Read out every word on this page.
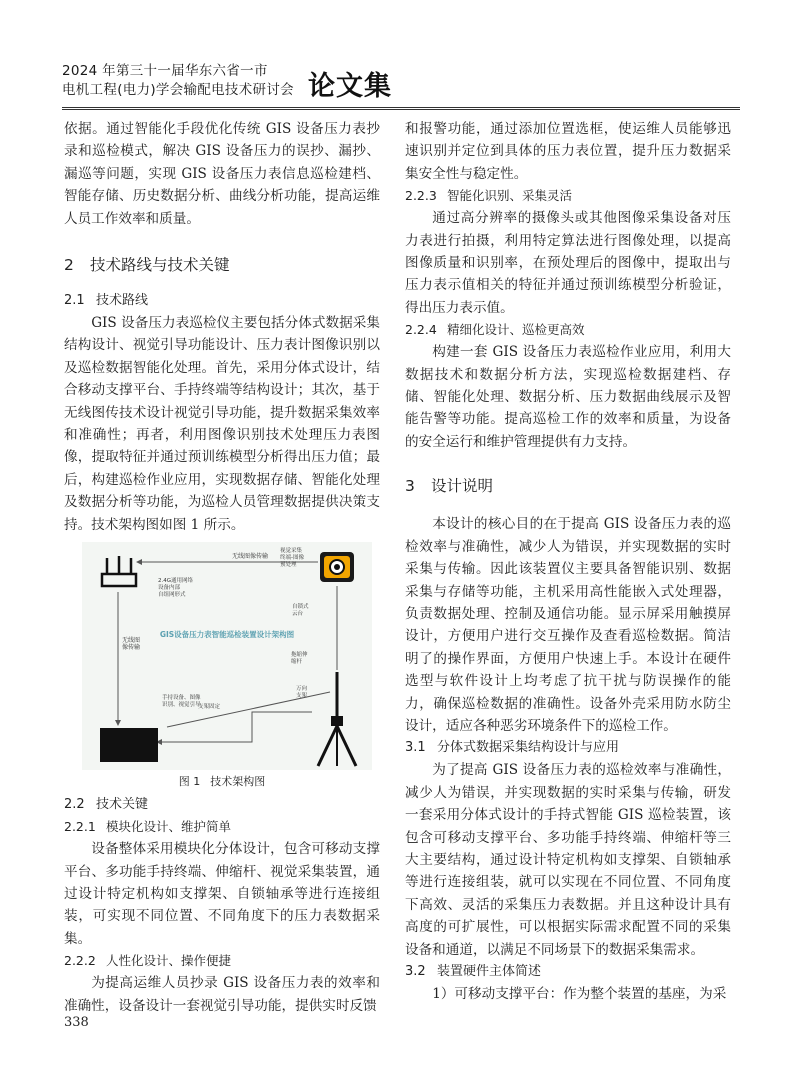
2024 年第三十一届华东六省一市
电机工程(电力)学会输配电技术研讨会 论文集

依据。通过智能化手段优化传统 GIS 设备压力表抄录和巡检模式，解决 GIS 设备压力的误抄、漏抄、漏巡等问题，实现 GIS 设备压力表信息巡检建档、智能存储、历史数据分析、曲线分析功能，提高运维人员工作效率和质量。

2 技术路线与技术关键
2.1 技术路线

GIS 设备压力表巡检仪主要包括分体式数据采集结构设计、视觉引导功能设计、压力表计图像识别以及巡检数据智能化处理。首先，采用分体式设计，结合移动支撑平台、手持终端等结构设计；其次，基于无线图传技术设计视觉引导功能，提升数据采集效率和准确性；再者，利用图像识别技术处理压力表图像，提取特征并通过预训练模型分析得出压力值；最后，构建巡检作业应用，实现数据存储、智能化处理及数据分析等功能，为巡检人员管理数据提供决策支持。技术架构图如图 1 所示。

无线图像传输
2.4G通用网络设备内部自组网形式
视觉采集终端-图像预处理
无线图像传输
自锁式云台
拖缩伸缩杆
手持设备、图像识别、视觉引导
支架固定
万向支架
GIS设备压力表智能巡检装置设计架构图
图 1 技术架构图
2.2 技术关键
2.2.1 模块化设计、维护简单

设备整体采用模块化分体设计，包含可移动支撑平台、多功能手持终端、伸缩杆、视觉采集装置，通过设计特定机构如支撑架、自锁轴承等进行连接组装，可实现不同位置、不同角度下的压力表数据采集。

2.2.2 人性化设计、操作便捷

为提高运维人员抄录 GIS 设备压力表的效率和准确性，设备设计一套视觉引导功能，提供实时反馈

和报警功能，通过添加位置选框，使运维人员能够迅速识别并定位到具体的压力表位置，提升压力数据采集安全性与稳定性。

2.2.3 智能化识别、采集灵活

通过高分辨率的摄像头或其他图像采集设备对压力表进行拍摄，利用特定算法进行图像处理，以提高图像质量和识别率，在预处理后的图像中，提取出与压力表示值相关的特征并通过预训练模型分析验证，得出压力表示值。

2.2.4 精细化设计、巡检更高效

构建一套 GIS 设备压力表巡检作业应用，利用大数据技术和数据分析方法，实现巡检数据建档、存储、智能化处理、数据分析、压力数据曲线展示及智能告警等功能。提高巡检工作的效率和质量，为设备的安全运行和维护管理提供有力支持。

3 设计说明

本设计的核心目的在于提高 GIS 设备压力表的巡检效率与准确性，减少人为错误，并实现数据的实时采集与传输。因此该装置仪主要具备智能识别、数据采集与存储等功能，主机采用高性能嵌入式处理器，负责数据处理、控制及通信功能。显示屏采用触摸屏设计，方便用户进行交互操作及查看巡检数据。简洁明了的操作界面，方便用户快速上手。本设计在硬件选型与软件设计上均考虑了抗干扰与防误操作的能力，确保巡检数据的准确性。设备外壳采用防水防尘设计，适应各种恶劣环境条件下的巡检工作。

3.1 分体式数据采集结构设计与应用

为了提高 GIS 设备压力表的巡检效率与准确性，减少人为错误，并实现数据的实时采集与传输，研发一套采用分体式设计的手持式智能 GIS 巡检装置，该包含可移动支撑平台、多功能手持终端、伸缩杆等三大主要结构，通过设计特定机构如支撑架、自锁轴承等进行连接组装，就可以实现在不同位置、不同角度下高效、灵活的采集压力表数据。并且这种设计具有高度的可扩展性，可以根据实际需求配置不同的采集设备和通道，以满足不同场景下的数据采集需求。

3.2 装置硬件主体简述

1）可移动支撑平台：作为整个装置的基座，为采

338
